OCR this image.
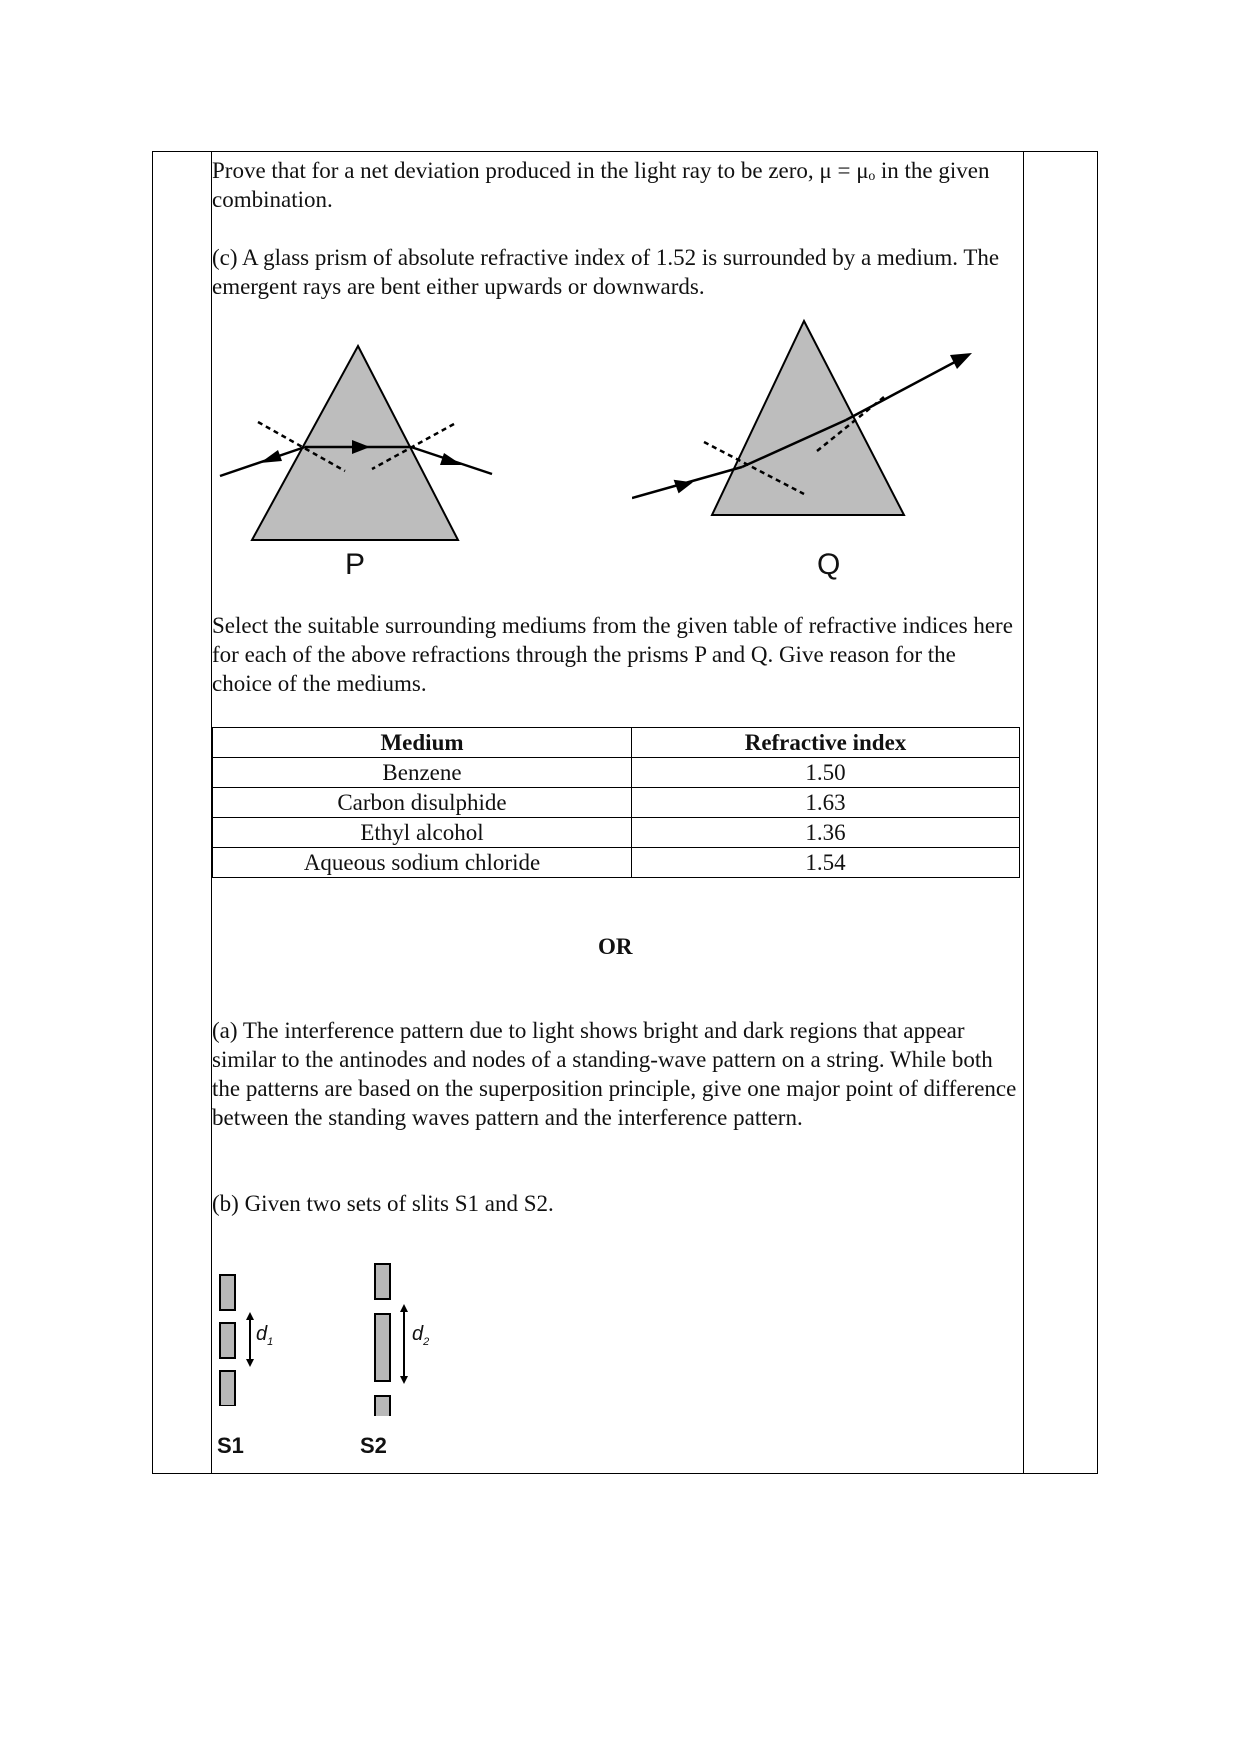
Prove that for a net deviation produced in the light ray to be zero, μ = μₒ in the given combination.

(c) A glass prism of absolute refractive index of 1.52 is surrounded by a medium. The emergent rays are bent either upwards or downwards.

P	Q

Select the suitable surrounding mediums from the given table of refractive indices here for each of the above refractions through the prisms P and Q. Give reason for the choice of the mediums.

Medium	Refractive index
Benzene	1.50
Carbon disulphide	1.63
Ethyl alcohol	1.36
Aqueous sodium chloride	1.54
OR

(a) The interference pattern due to light shows bright and dark regions that appear similar to the antinodes and nodes of a standing-wave pattern on a string. While both the patterns are based on the superposition principle, give one major point of difference between the standing waves pattern and the interference pattern.

(b) Given two sets of slits S1 and S2.

$d_1$
S1
$d_2$
S2
